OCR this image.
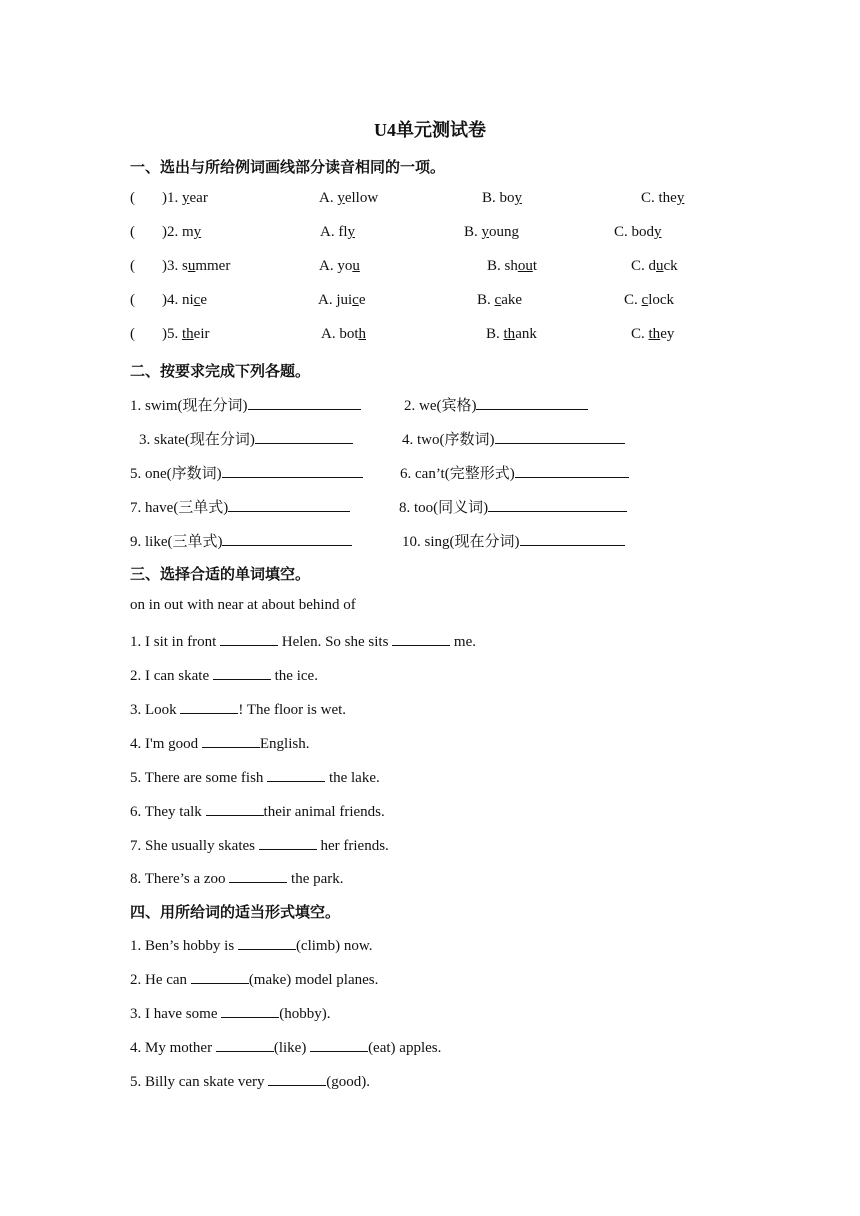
U4单元测试卷
一、选出与所给例词画线部分读音相同的一项。
( )1. year	A. yellow	B. boy	C. they
( )2. my	A. fly	B. young	C. body
( )3. summer	A. you	B. shout	C. duck
( )4. nice	A. juice	B. cake	C. clock
( )5. their	A. both	B. thank	C. they
二、按要求完成下列各题。
1. swim(现在分词)	2. we(宾格)
3. skate(现在分词)	4. two(序数词)
5. one(序数词)	6. can’t(完整形式)
7. have(三单式)	8. too(同义词)
9. like(三单式)	10. sing(现在分词)
三、选择合适的单词填空。
on in out with near at about behind of
1. I sit in front	Helen. So she sits	me.
2. I can skate	the ice.
3. Look	! The floor is wet.
4. I'm good	English.
5. There are some fish	the lake.
6. They talk	their animal friends.
7. She usually skates	her friends.
8. There’s a zoo	the park.
四、用所给词的适当形式填空。
1. Ben’s hobby is	(climb) now.
2. He can	(make) model planes.
3. I have some	(hobby).
4. My mother	(like)	(eat) apples.
5. Billy can skate very	(good).
